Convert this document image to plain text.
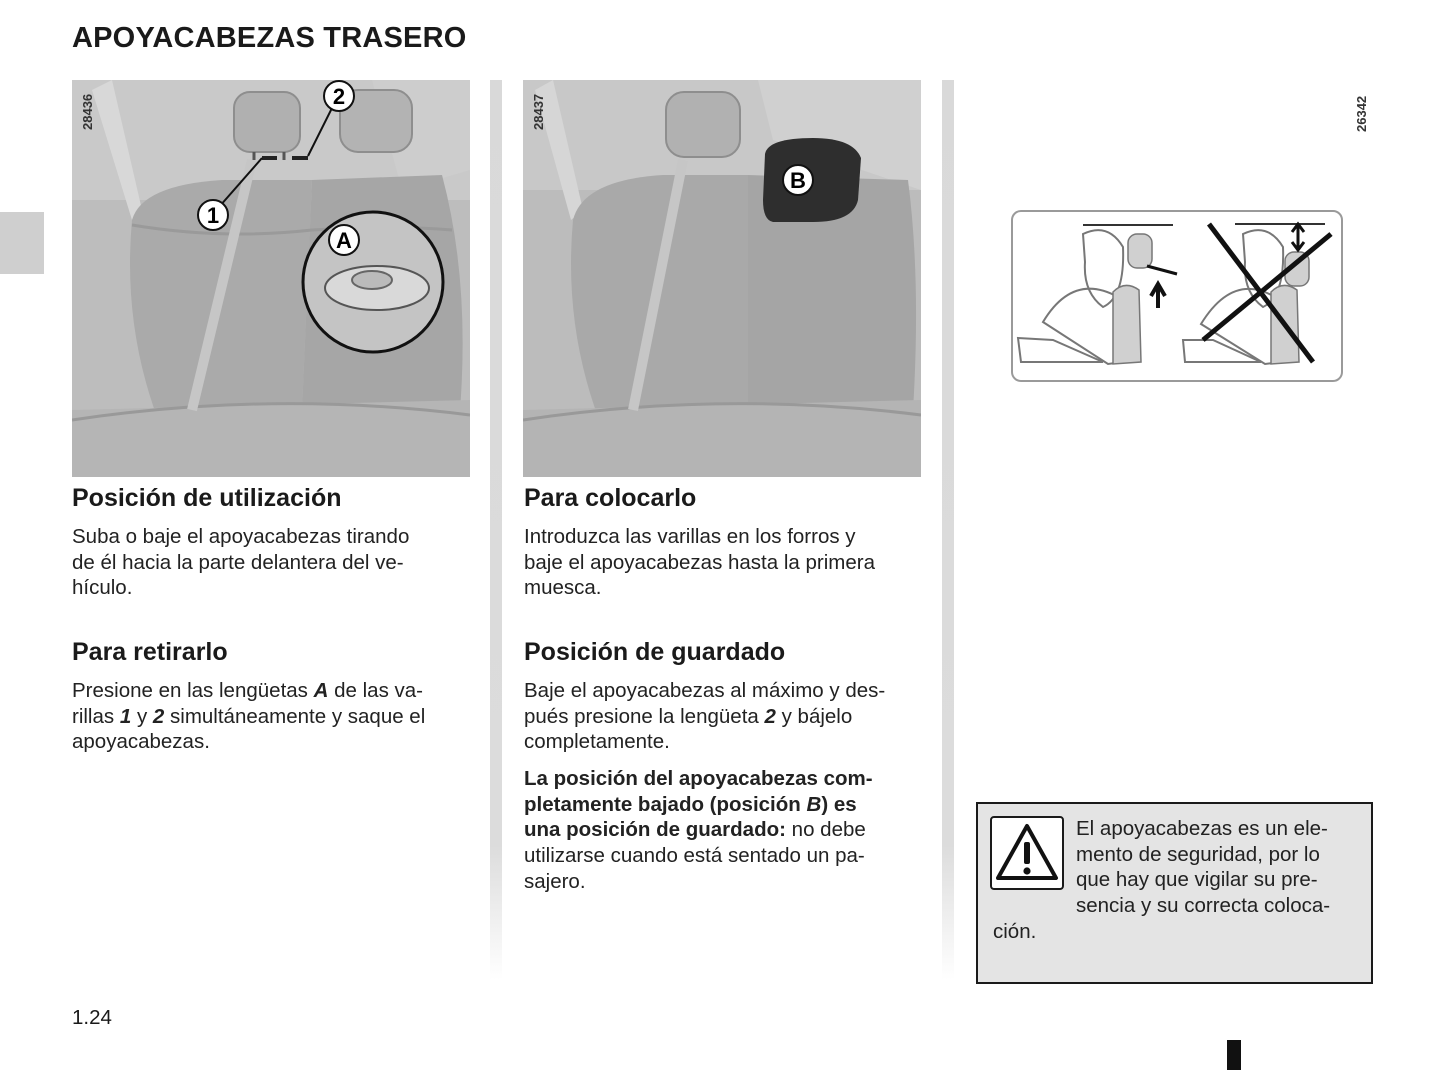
APOYACABEZAS TRASERO
1
2
A
28436
B
28437	26342
Posición de utilización
Suba o baje el apoyacabezas tirando
de él hacia la parte delantera del ve-
hículo.
Para retirarlo
Presione en las lengüetas A de las va-
rillas 1 y 2 simultáneamente y saque el
apoyacabezas.
Para colocarlo
Introduzca las varillas en los forros y
baje el apoyacabezas hasta la primera
muesca.
Posición de guardado
Baje el apoyacabezas al máximo y des-
pués presione la lengüeta 2 y bájelo
completamente.
La posición del apoyacabezas com-
pletamente bajado (posición B) es
una posición de guardado: no debe
utilizarse cuando está sentado un pa-
sajero.
El apoyacabezas es un ele-
mento de seguridad, por lo
que hay que vigilar su pre-
sencia y su correcta coloca-
ción.
1.24
